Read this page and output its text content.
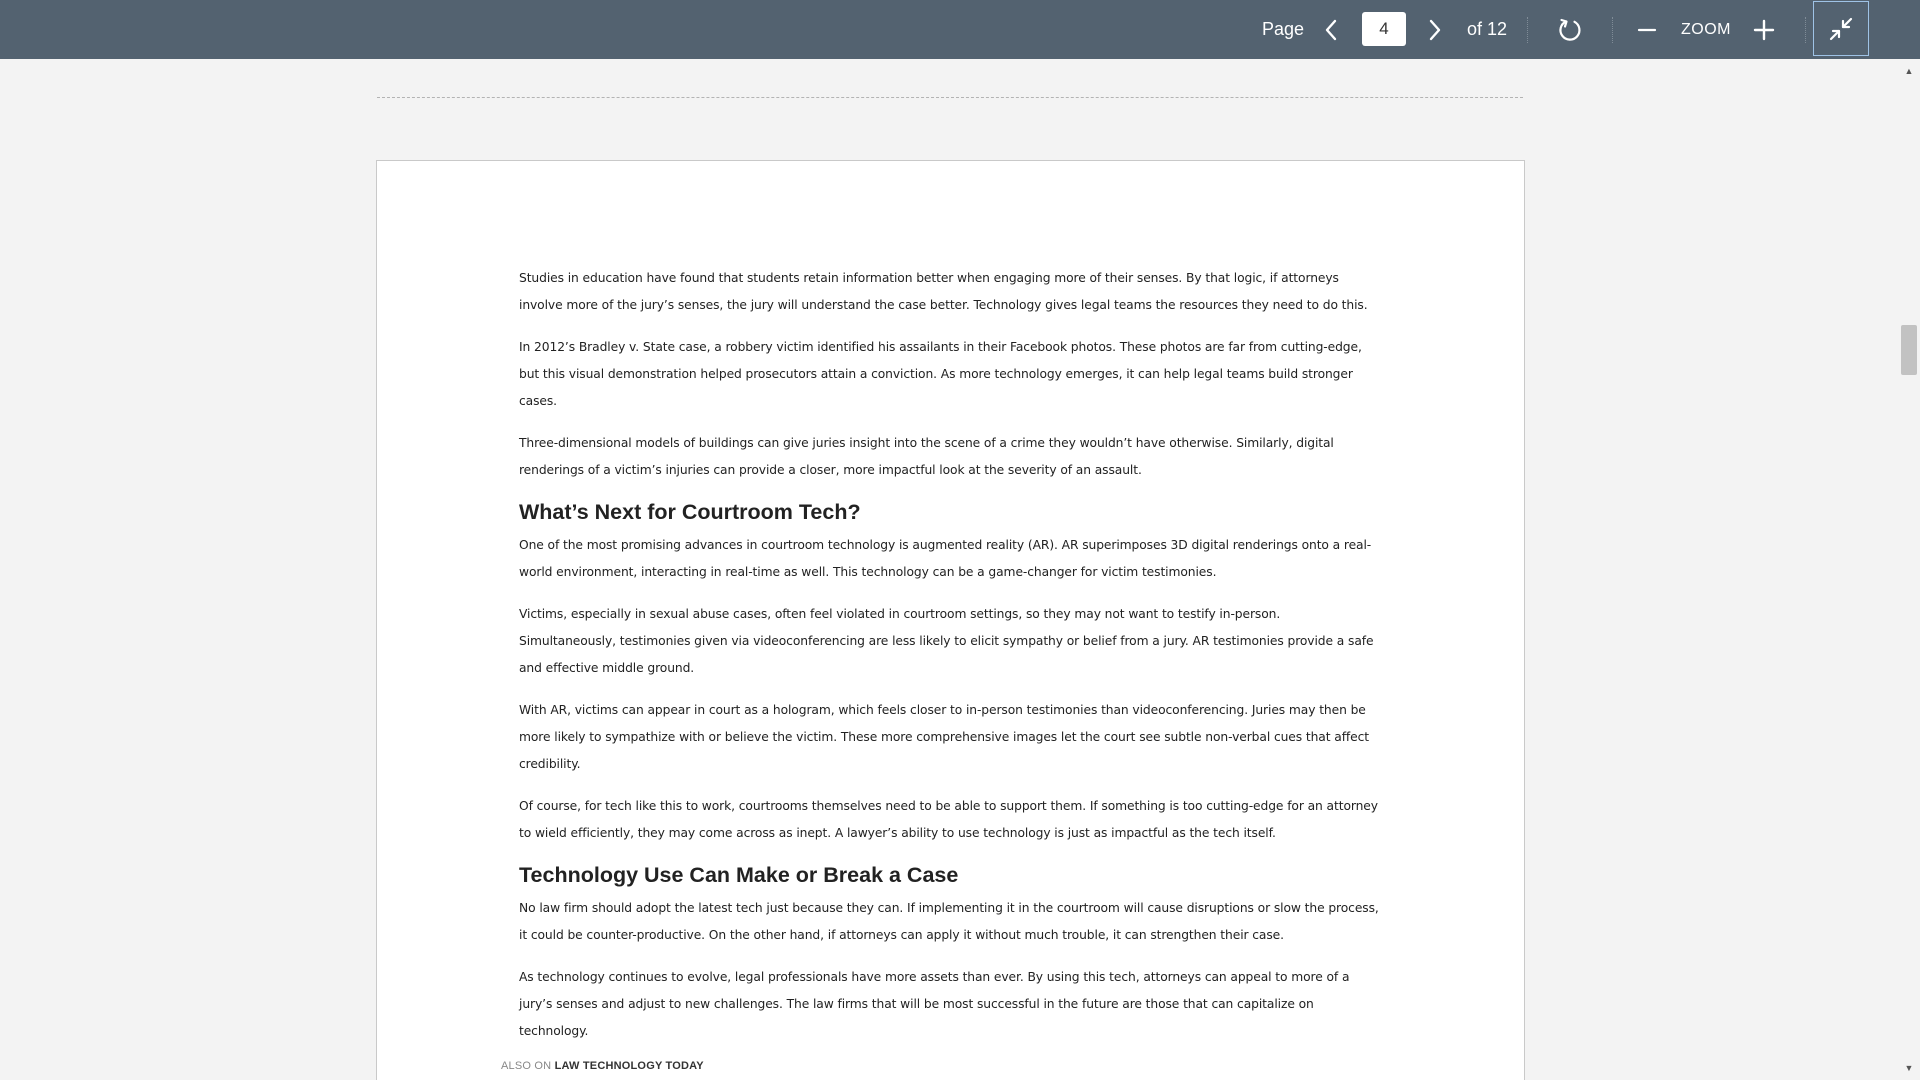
Page
4	of 12	ZOOM

Studies in education have found that students retain information better when engaging more of their senses. By that logic, if attorneys involve more of the jury’s senses, the jury will understand the case better. Technology gives legal teams the resources they need to do this.

In 2012’s Bradley v. State case, a robbery victim identified his assailants in their Facebook photos. These photos are far from cutting-edge, but this visual demonstration helped prosecutors attain a conviction. As more technology emerges, it can help legal teams build stronger cases.

Three-dimensional models of buildings can give juries insight into the scene of a crime they wouldn’t have otherwise. Similarly, digital renderings of a victim’s injuries can provide a closer, more impactful look at the severity of an assault.

What’s Next for Courtroom Tech?

One of the most promising advances in courtroom technology is augmented reality (AR). AR superimposes 3D digital renderings onto a real-world environment, interacting in real-time as well. This technology can be a game-changer for victim testimonies.

Victims, especially in sexual abuse cases, often feel violated in courtroom settings, so they may not want to testify in-person. Simultaneously, testimonies given via videoconferencing are less likely to elicit sympathy or belief from a jury. AR testimonies provide a safe and effective middle ground.

With AR, victims can appear in court as a hologram, which feels closer to in-person testimonies than videoconferencing. Juries may then be more likely to sympathize with or believe the victim. These more comprehensive images let the court see subtle non-verbal cues that affect credibility.

Of course, for tech like this to work, courtrooms themselves need to be able to support them. If something is too cutting-edge for an attorney to wield efficiently, they may come across as inept. A lawyer’s ability to use technology is just as impactful as the tech itself.

Technology Use Can Make or Break a Case

No law firm should adopt the latest tech just because they can. If implementing it in the courtroom will cause disruptions or slow the process, it could be counter-productive. On the other hand, if attorneys can apply it without much trouble, it can strengthen their case.

As technology continues to evolve, legal professionals have more assets than ever. By using this tech, attorneys can appeal to more of a jury’s senses and adjust to new challenges. The law firms that will be most successful in the future are those that can capitalize on technology.

ALSO ON LAW TECHNOLOGY TODAY
▲
▼
